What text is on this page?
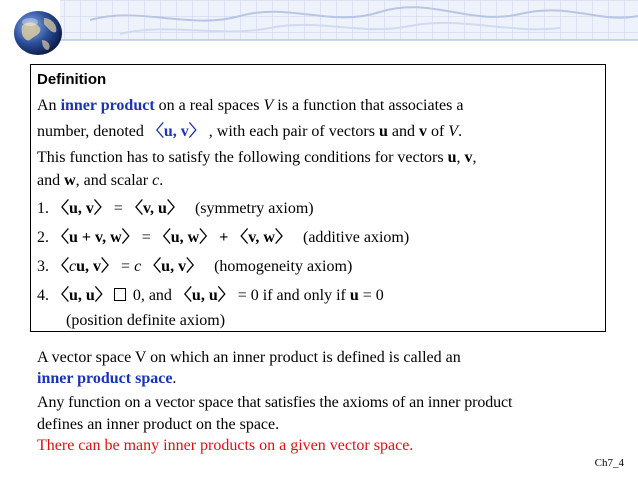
Definition
An inner product on a real spaces V is a function that associates a
number, denoted 〈u, v〉 , with each pair of vectors u and v of V.
This function has to satisfy the following conditions for vectors u, v,
and w, and scalar c.
1. 〈u, v〉 = 〈v, u〉 (symmetry axiom)
2. 〈u + v, w〉 = 〈u, w〉 + 〈v, w〉 (additive axiom)
3. 〈cu, v〉 = c 〈u, v〉 (homogeneity axiom)
4. 〈u, u〉 0, and 〈u, u〉 = 0 if and only if u = 0
(position definite axiom)
A vector space V on which an inner product is defined is called an
inner product space.
Any function on a vector space that satisfies the axioms of an inner product
defines an inner product on the space.
There can be many inner products on a given vector space.
Ch7_4
